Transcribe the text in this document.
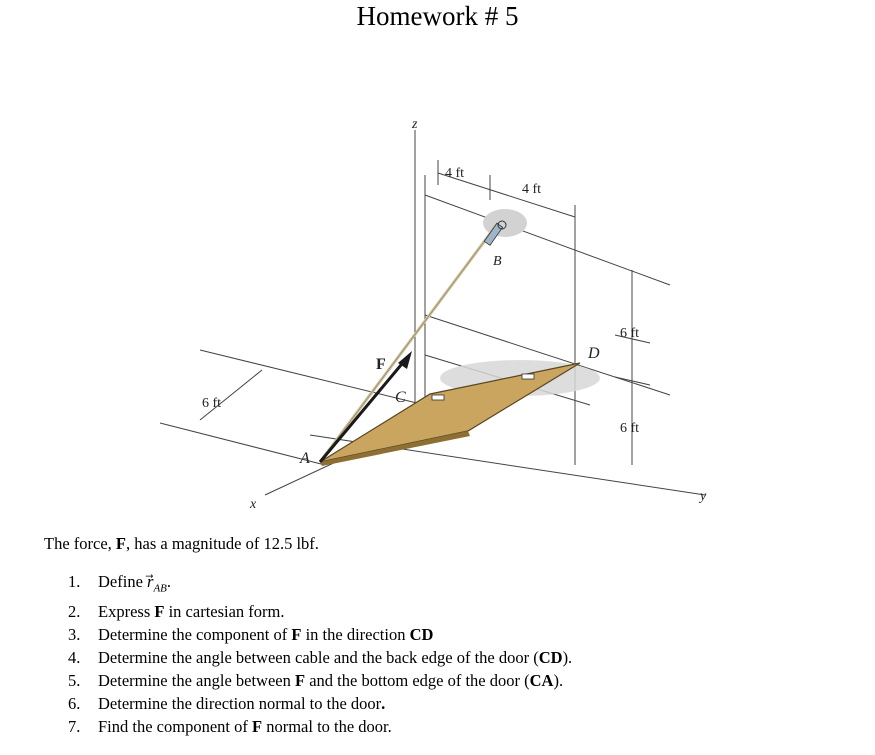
Homework # 5
z
x
y
A
B
C
D
F
4 ft
4 ft
6 ft
6 ft
6 ft
The force, F, has a magnitude of 12.5 lbf.
1. Define $r_{AB}$.
2. Express F in cartesian form.
3. Determine the component of F in the direction CD
4. Determine the angle between cable and the back edge of the door (CD).
5. Determine the angle between F and the bottom edge of the door (CA).
6. Determine the direction normal to the door.
7. Find the component of F normal to the door.
